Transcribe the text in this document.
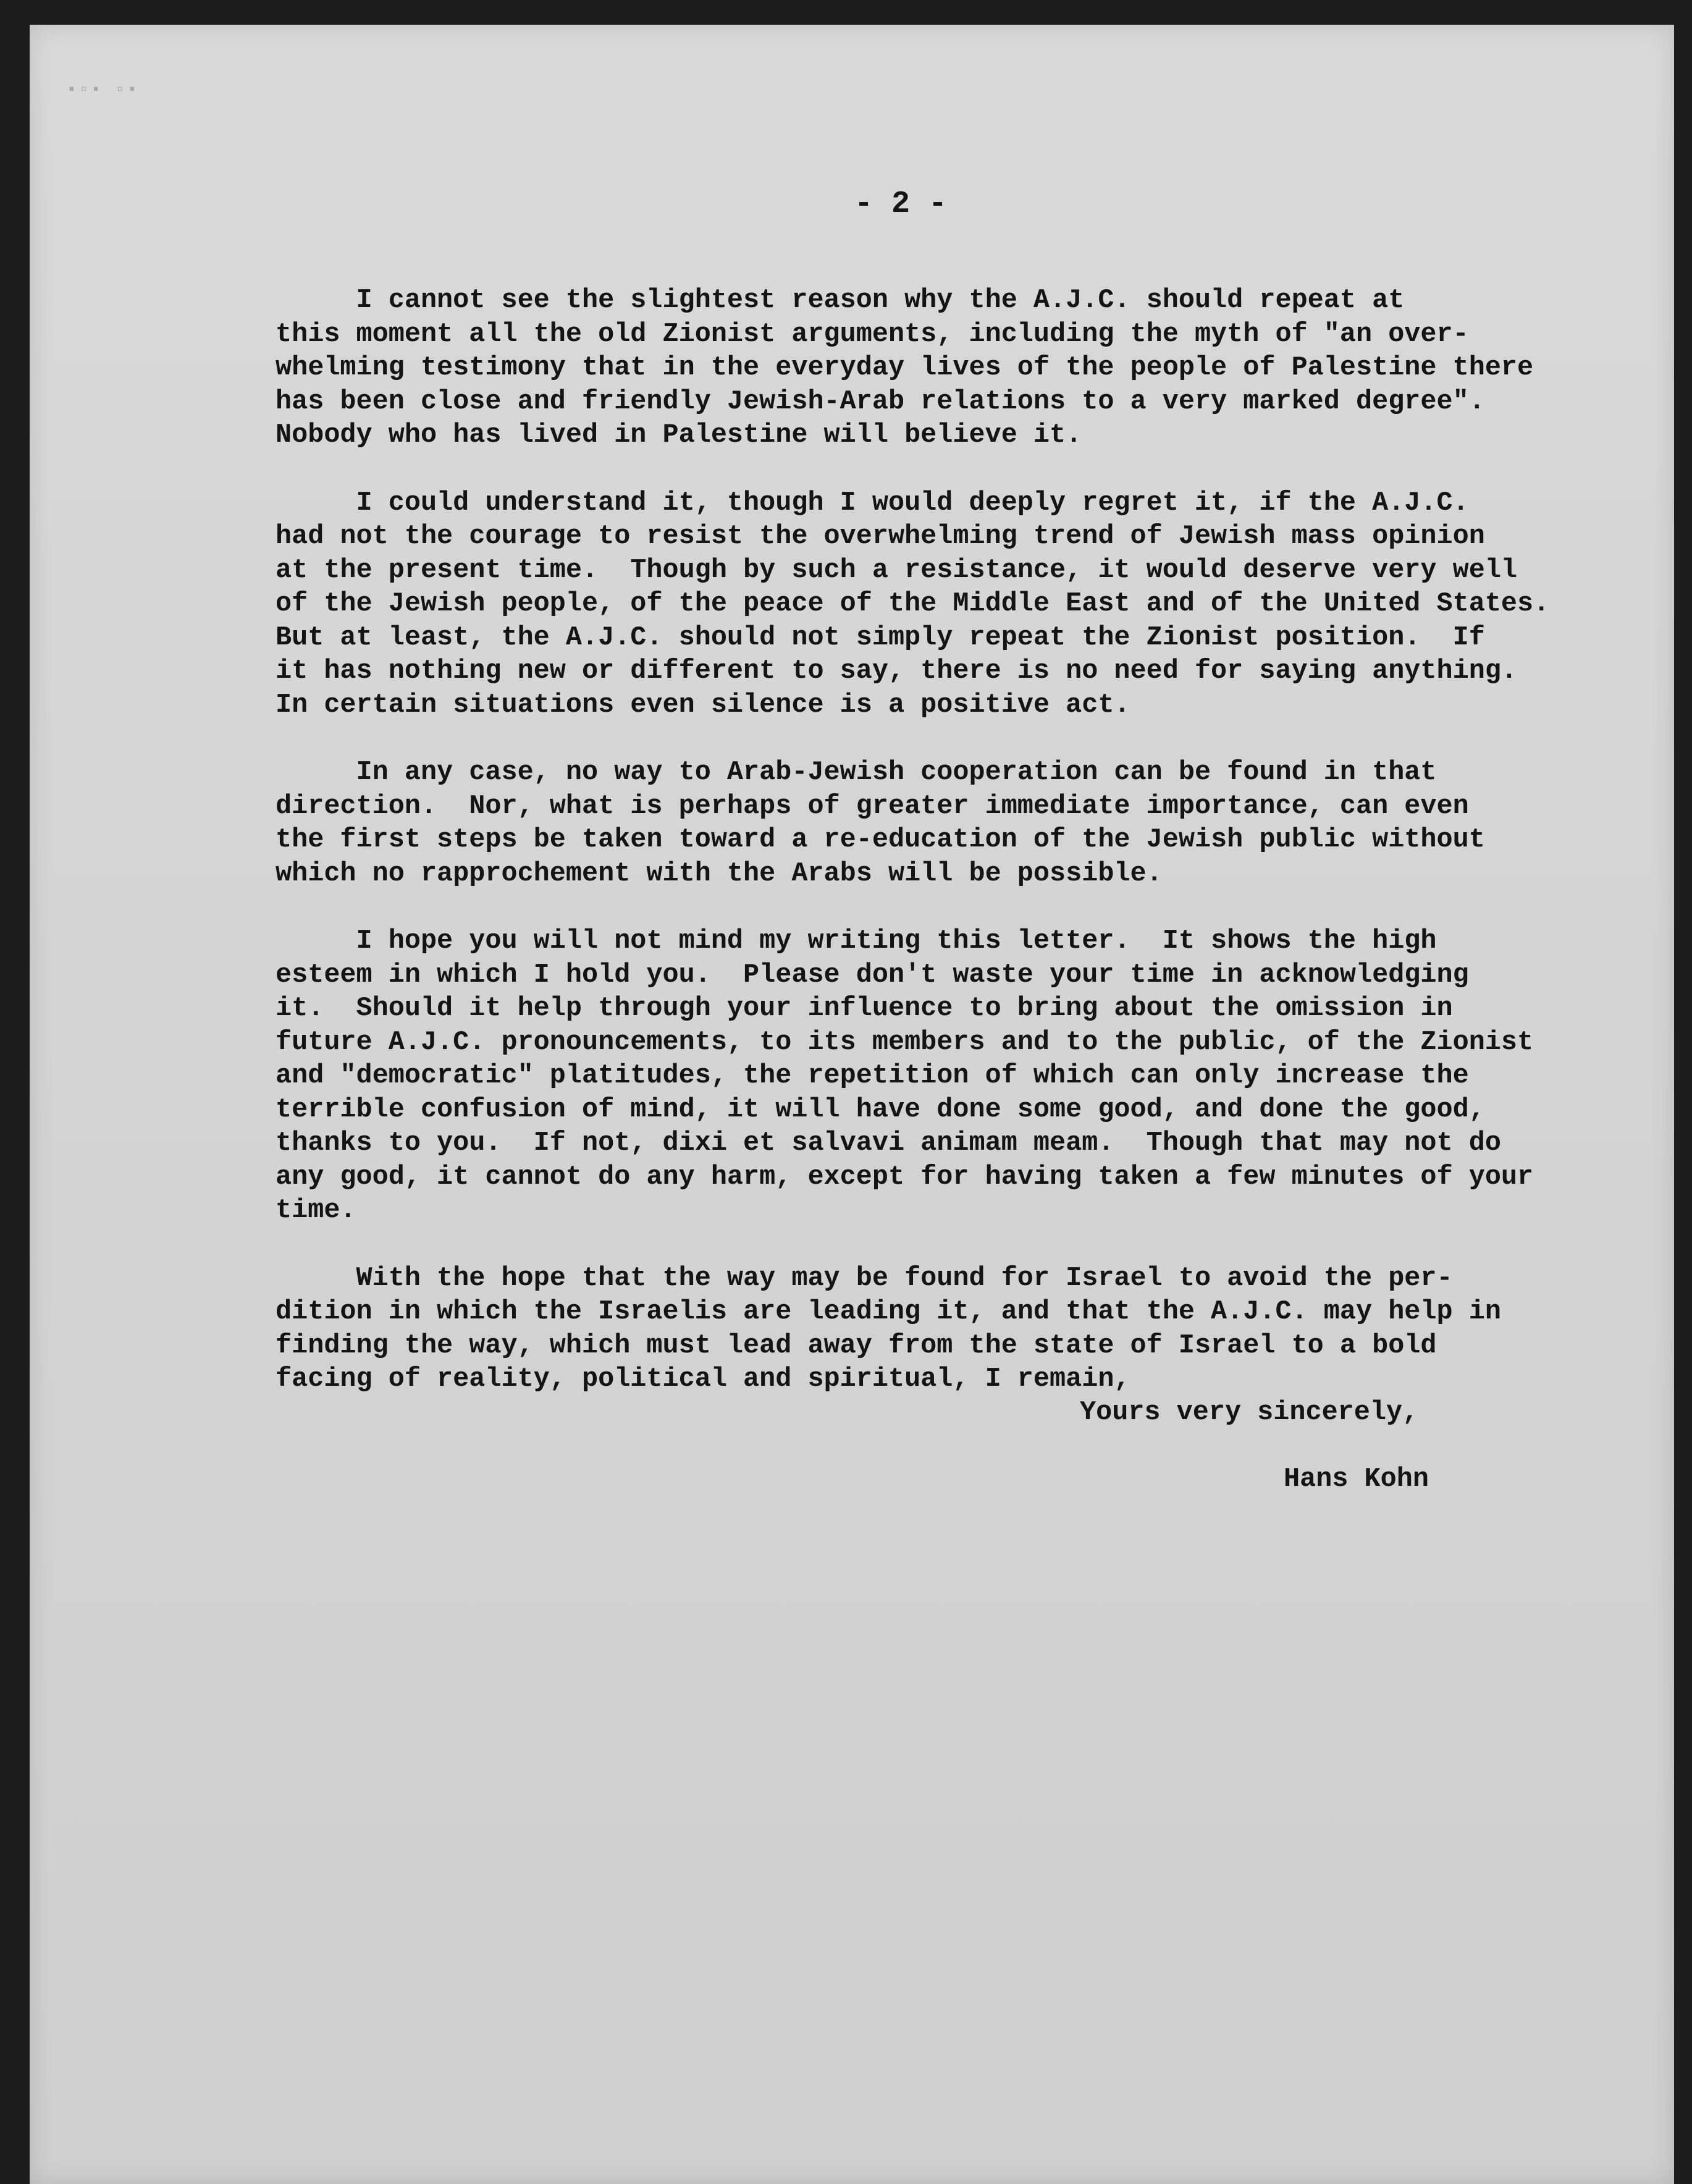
▪▫▪ ▫▪
- 2 -
I cannot see the slightest reason why the A.J.C. should repeat at
this moment all the old Zionist arguments, including the myth of "an over-
whelming testimony that in the everyday lives of the people of Palestine there
has been close and friendly Jewish-Arab relations to a very marked degree".
Nobody who has lived in Palestine will believe it.
I could understand it, though I would deeply regret it, if the A.J.C.
had not the courage to resist the overwhelming trend of Jewish mass opinion
at the present time.  Though by such a resistance, it would deserve very well
of the Jewish people, of the peace of the Middle East and of the United States.
But at least, the A.J.C. should not simply repeat the Zionist position.  If
it has nothing new or different to say, there is no need for saying anything.
In certain situations even silence is a positive act.
In any case, no way to Arab-Jewish cooperation can be found in that
direction.  Nor, what is perhaps of greater immediate importance, can even
the first steps be taken toward a re-education of the Jewish public without
which no rapprochement with the Arabs will be possible.
I hope you will not mind my writing this letter.  It shows the high
esteem in which I hold you.  Please don't waste your time in acknowledging
it.  Should it help through your influence to bring about the omission in
future A.J.C. pronouncements, to its members and to the public, of the Zionist
and "democratic" platitudes, the repetition of which can only increase the
terrible confusion of mind, it will have done some good, and done the good,
thanks to you.  If not, dixi et salvavi animam meam.  Though that may not do
any good, it cannot do any harm, except for having taken a few minutes of your
time.
With the hope that the way may be found for Israel to avoid the per-
dition in which the Israelis are leading it, and that the A.J.C. may help in
finding the way, which must lead away from the state of Israel to a bold
facing of reality, political and spiritual, I remain,
Yours very sincerely,
Hans Kohn
